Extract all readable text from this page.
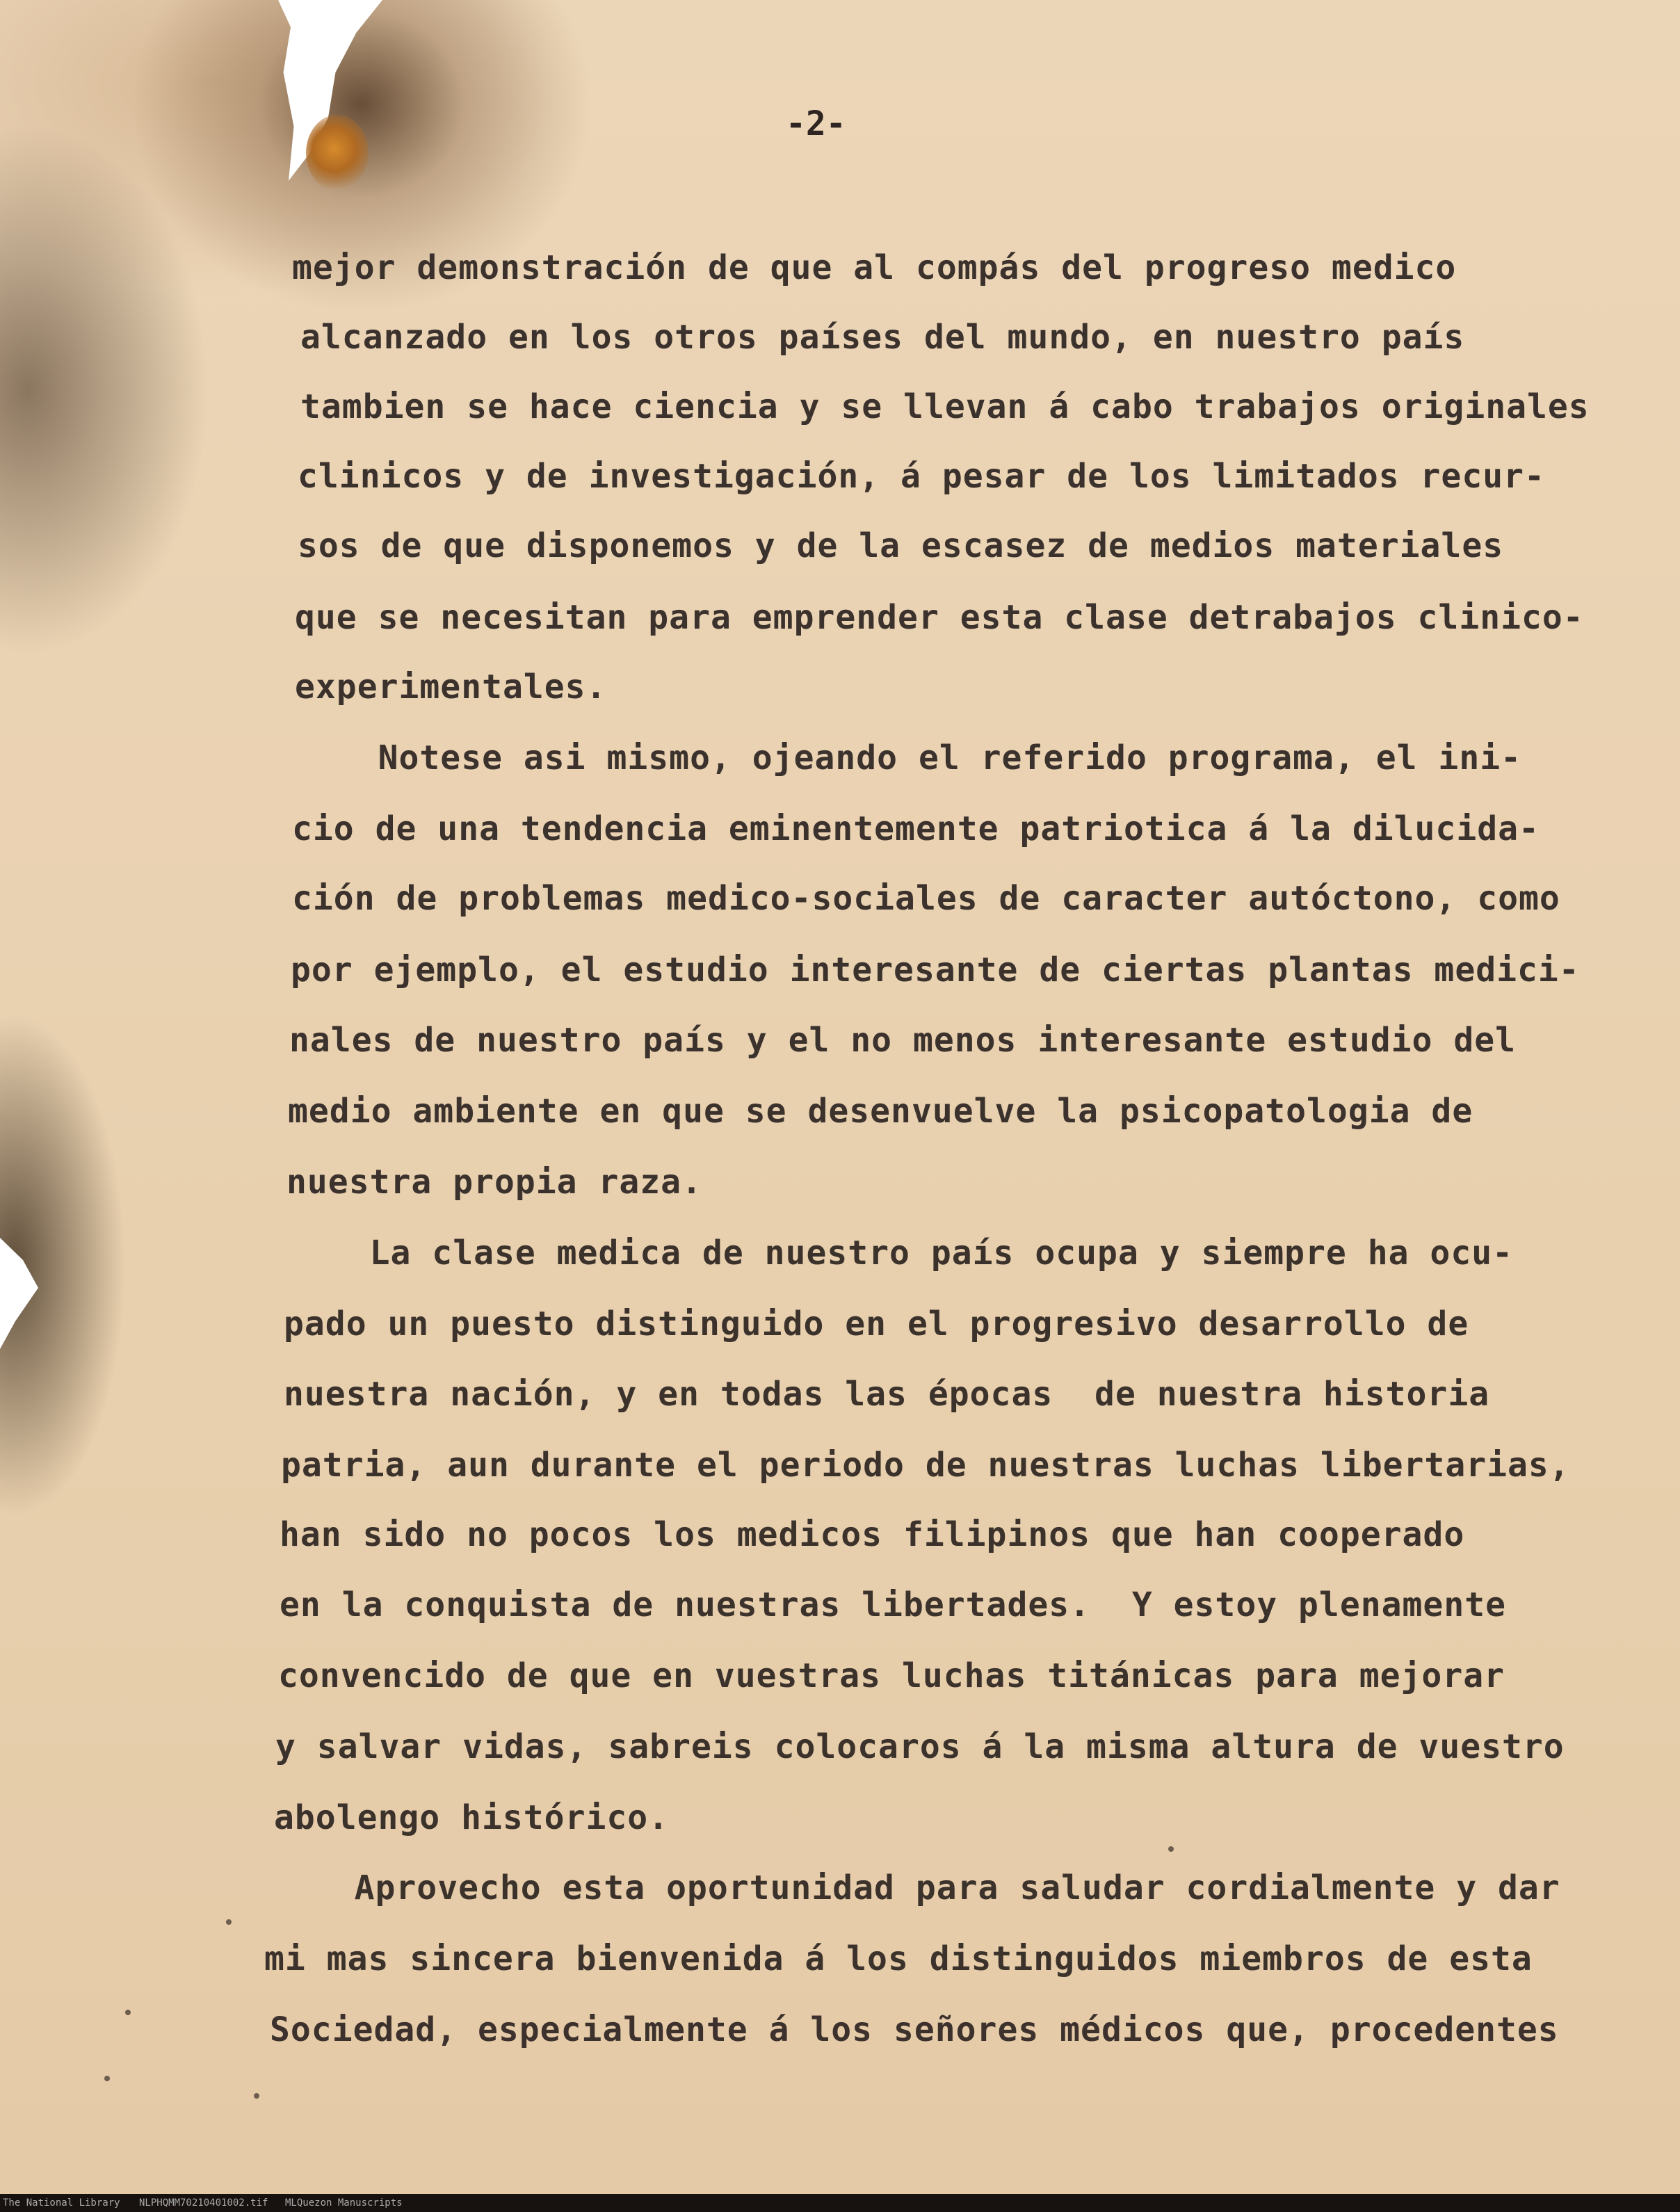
-2-
mejor demonstración de que al compás del progreso medico
alcanzado en los otros países del mundo, en nuestro país
tambien se hace ciencia y se llevan á cabo trabajos originales
clinicos y de investigación, á pesar de los limitados recur-
sos de que disponemos y de la escasez de medios materiales
que se necesitan para emprender esta clase detrabajos clinico-
experimentales.
Notese asi mismo, ojeando el referido programa, el ini-
cio de una tendencia eminentemente patriotica á la dilucida-
ción de problemas medico-sociales de caracter autóctono, como
por ejemplo, el estudio interesante de ciertas plantas medici-
nales de nuestro país y el no menos interesante estudio del
medio ambiente en que se desenvuelve la psicopatologia de
nuestra propia raza.
La clase medica de nuestro país ocupa y siempre ha ocu-
pado un puesto distinguido en el progresivo desarrollo de
nuestra nación, y en todas las épocas  de nuestra historia
patria, aun durante el periodo de nuestras luchas libertarias,
han sido no pocos los medicos filipinos que han cooperado
en la conquista de nuestras libertades.  Y estoy plenamente
convencido de que en vuestras luchas titánicas para mejorar
y salvar vidas, sabreis colocaros á la misma altura de vuestro
abolengo histórico.
Aprovecho esta oportunidad para saludar cordialmente y dar
mi mas sincera bienvenida á los distinguidos miembros de esta
Sociedad, especialmente á los señores médicos que, procedentes
The National Library NLPHQMM70210401002.tif MLQuezon Manuscripts
